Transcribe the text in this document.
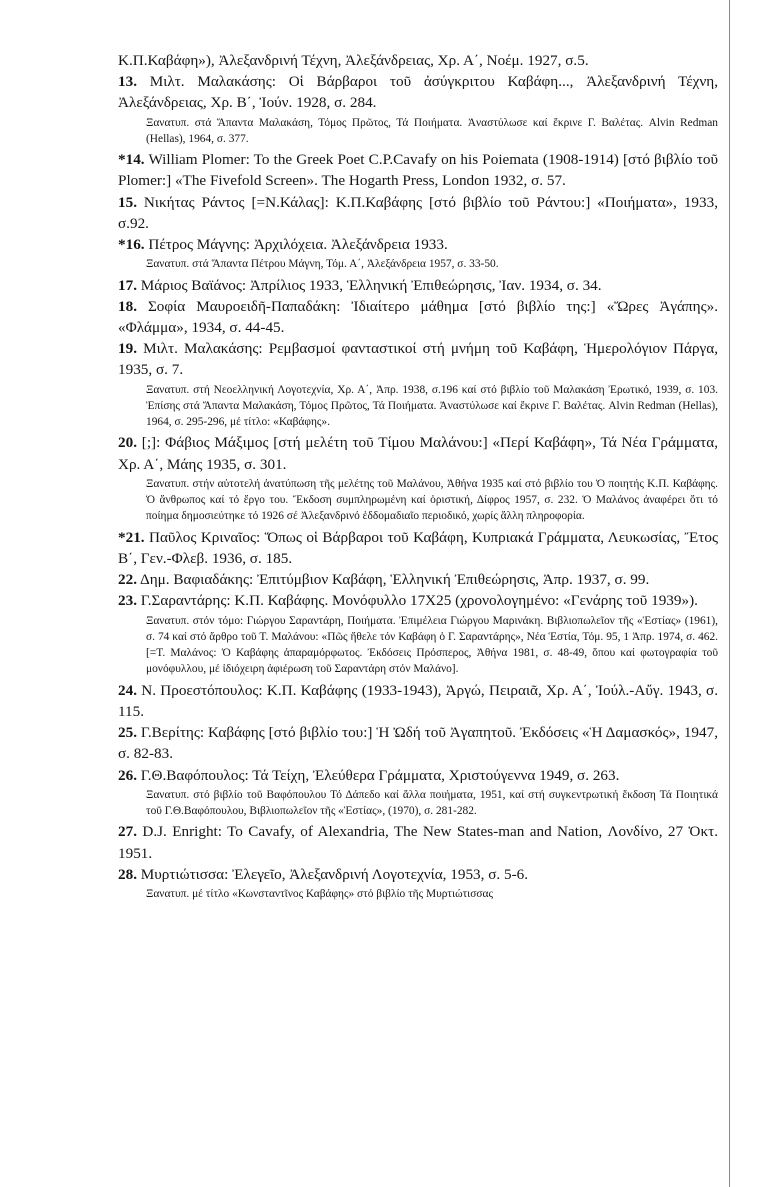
Κ.Π.Καβάφη»), Ἀλεξανδρινή Τέχνη, Ἀλεξάνδρειας, Χρ. Α΄, Νοέμ. 1927, σ.5.
13. Μιλτ. Μαλακάσης: Οἱ Βάρβαροι τοῦ ἀσύγκριτου Καβάφη..., Ἀλεξανδρινή Τέχνη, Ἀλεξάνδρειας, Χρ. Β΄, Ἰούν. 1928, σ. 284.
Ξανατυπ. στά Ἅπαντα Μαλακάση, Τόμος Πρῶτος, Τά Ποιήματα. Ἀναστύλωσε καί ἔκρινε Γ. Βαλέτας. Alvin Redman (Hellas), 1964, σ. 377.
*14. William Plomer: To the Greek Poet C.P.Cavafy on his Poiemata (1908-1914) [στό βιβλίο τοῦ Plomer:] «The Fivefold Screen». The Hogarth Press, London 1932, σ. 57.
15. Νικήτας Ράντος [=Ν.Κάλας]: Κ.Π.Καβάφης [στό βιβλίο τοῦ Ράντου:] «Ποιήματα», 1933, σ.92.
*16. Πέτρος Μάγνης: Ἀρχιλόχεια. Ἀλεξάνδρεια 1933.
Ξανατυπ. στά Ἅπαντα Πέτρου Μάγνη, Τόμ. Α΄, Ἀλεξάνδρεια 1957, σ. 33-50.
17. Μάριος Βαϊάνος: Ἀπρίλιος 1933, Ἑλληνική Ἐπιθεώρησις, Ἰαν. 1934, σ. 34.
18. Σοφία Μαυροειδῆ-Παπαδάκη: Ἰδιαίτερο μάθημα [στό βιβλίο της:] «Ὥρες Ἀγάπης». «Φλάμμα», 1934, σ. 44-45.
19. Μιλτ. Μαλακάσης: Ρεμβασμοί φανταστικοί στή μνήμη τοῦ Καβάφη, Ἡμερολόγιον Πάργα, 1935, σ. 7.
Ξανατυπ. στή Νεοελληνική Λογοτεχνία, Χρ. Α΄, Ἀπρ. 1938, σ.196 καί στό βιβλίο τοῦ Μαλακάση Ἐρωτικό, 1939, σ. 103. Ἐπίσης στά Ἅπαντα Μαλακάση, Τόμος Πρῶτος, Τά Ποιήματα. Ἀναστύλωσε καί ἔκρινε Γ. Βαλέτας. Alvin Redman (Hellas), 1964, σ. 295-296, μέ τίτλο: «Καβάφης».
20. [;]: Φάβιος Μάξιμος [στή μελέτη τοῦ Τίμου Μαλάνου:] «Περί Καβάφη», Τά Νέα Γράμματα, Χρ. Α΄, Μάης 1935, σ. 301.
Ξανατυπ. στήν αὐτοτελή ἀνατύπωση τῆς μελέτης τοῦ Μαλάνου, Ἀθήνα 1935 καί στό βιβλίο του Ὁ ποιητής Κ.Π. Καβάφης. Ὁ ἄνθρωπος καί τό ἔργο του. Ἔκδοση συμπληρωμένη καί ὁριστική, Δίφρος 1957, σ. 232. Ὁ Μαλάνος ἀναφέρει ὅτι τό ποίημα δημοσιεύτηκε τό 1926 σέ Ἀλεξανδρινό ἑδδομαδιαῖο περιοδικό, χωρίς ἄλλη πληροφορία.
*21. Παῦλος Κριναῖος: Ὅπως οἱ Βάρβαροι τοῦ Καβάφη, Κυπριακά Γράμματα, Λευκωσίας, Ἔτος Β΄, Γεν.-Φλεβ. 1936, σ. 185.
22. Δημ. Βαφιαδάκης: Ἐπιτύμβιον Καβάφη, Ἑλληνική Ἐπιθεώρησις, Ἀπρ. 1937, σ. 99.
23. Γ.Σαραντάρης: Κ.Π. Καβάφης. Μονόφυλλο 17Χ25 (χρονολογημένο: «Γενάρης τοῦ 1939»).
Ξανατυπ. στόν τόμο: Γιώργου Σαραντάρη, Ποιήματα. Ἐπιμέλεια Γιώργου Μαρινάκη. Βιβλιοπωλεῖον τῆς «Ἑστίας» (1961), σ. 74 καί στό ἄρθρο τοῦ Τ. Μαλάνου: «Πῶς ἤθελε τόν Καβάφη ὁ Γ. Σαραντάρης», Νέα Ἑστία, Τόμ. 95, 1 Ἀπρ. 1974, σ. 462. [=Τ. Μαλάνος: Ὁ Καβάφης ἀπαραμόρφωτος. Ἐκδόσεις Πρόσπερος, Ἀθήνα 1981, σ. 48-49, ὅπου καί φωτογραφία τοῦ μονόφυλλου, μέ ἰδιόχειρη ἀφιέρωση τοῦ Σαραντάρη στόν Μαλάνο].
24. Ν. Προεστόπουλος: Κ.Π. Καβάφης (1933-1943), Ἀργώ, Πειραιᾶ, Χρ. Α΄, Ἰούλ.-Αὔγ. 1943, σ. 115.
25. Γ.Βερίτης: Καβάφης [στό βιβλίο του:] Ἡ Ὠδή τοῦ Ἀγαπητοῦ. Ἐκδόσεις «Ἡ Δαμασκός», 1947, σ. 82-83.
26. Γ.Θ.Βαφόπουλος: Τά Τείχη, Ἐλεύθερα Γράμματα, Χριστούγεννα 1949, σ. 263.
Ξανατυπ. στό βιβλίο τοῦ Βαφόπουλου Τό Δάπεδο καί ἄλλα ποιήματα, 1951, καί στή συγκεντρωτική ἔκδοση Τά Ποιητικά τοῦ Γ.Θ.Βαφόπουλου, Βιβλιοπωλεῖον τῆς «Ἑστίας», (1970), σ. 281-282.
27. D.J. Enright: To Cavafy, of Alexandria, The New States-man and Nation, Λονδίνο, 27 Ὀκτ. 1951.
28. Μυρτιώτισσα: Ἐλεγεῖο, Ἀλεξανδρινή Λογοτεχνία, 1953, σ. 5-6.
Ξανατυπ. μέ τίτλο «Κωνσταντῖνος Καβάφης» στό βιβλίο τῆς Μυρτιώτισσας
